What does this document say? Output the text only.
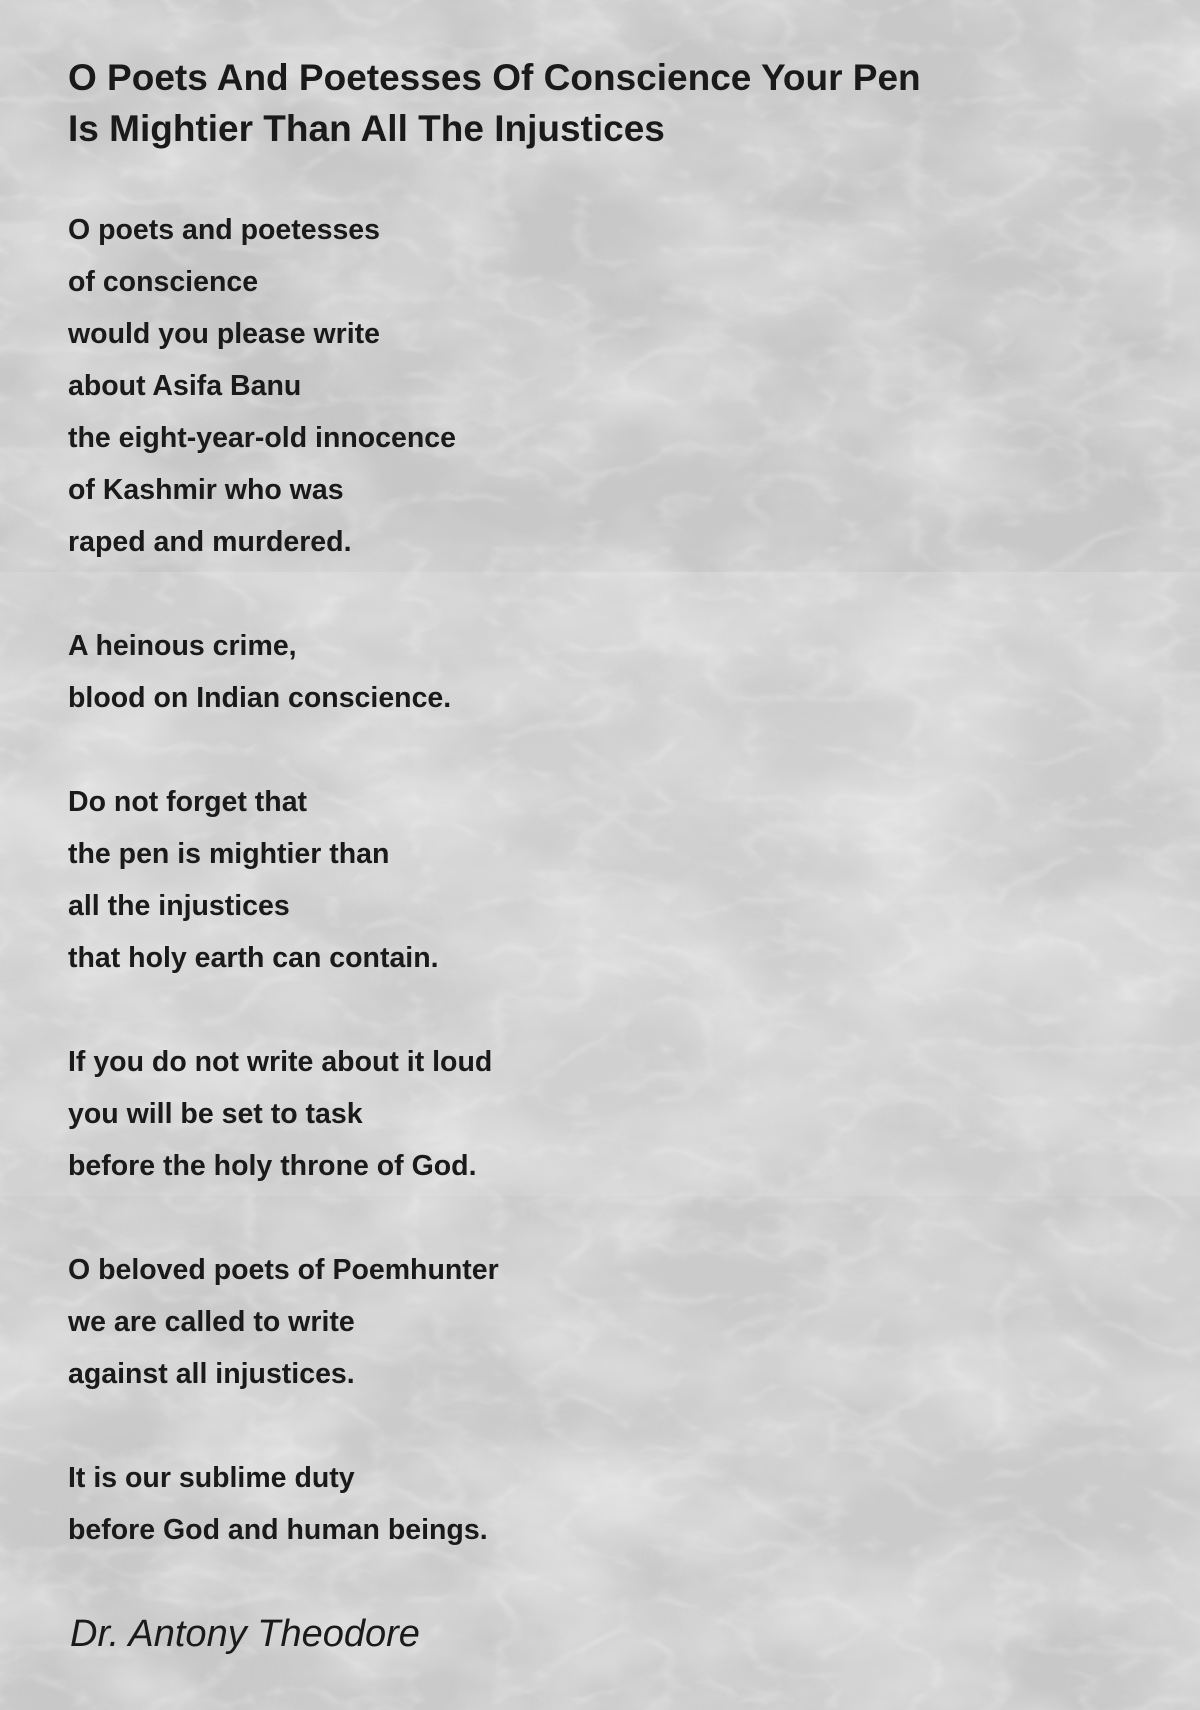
O Poets And Poetesses Of Conscience Your Pen
Is Mightier Than All The Injustices
O poets and poetesses
of conscience
would you please write
about Asifa Banu
the eight-year-old innocence
of Kashmir who was
raped and murdered.
A heinous crime,
blood on Indian conscience.
Do not forget that
the pen is mightier than
all the injustices
that holy earth can contain.
If you do not write about it loud
you will be set to task
before the holy throne of God.
O beloved poets of Poemhunter
we are called to write
against all injustices.
It is our sublime duty
before God and human beings.

Dr. Antony Theodore
